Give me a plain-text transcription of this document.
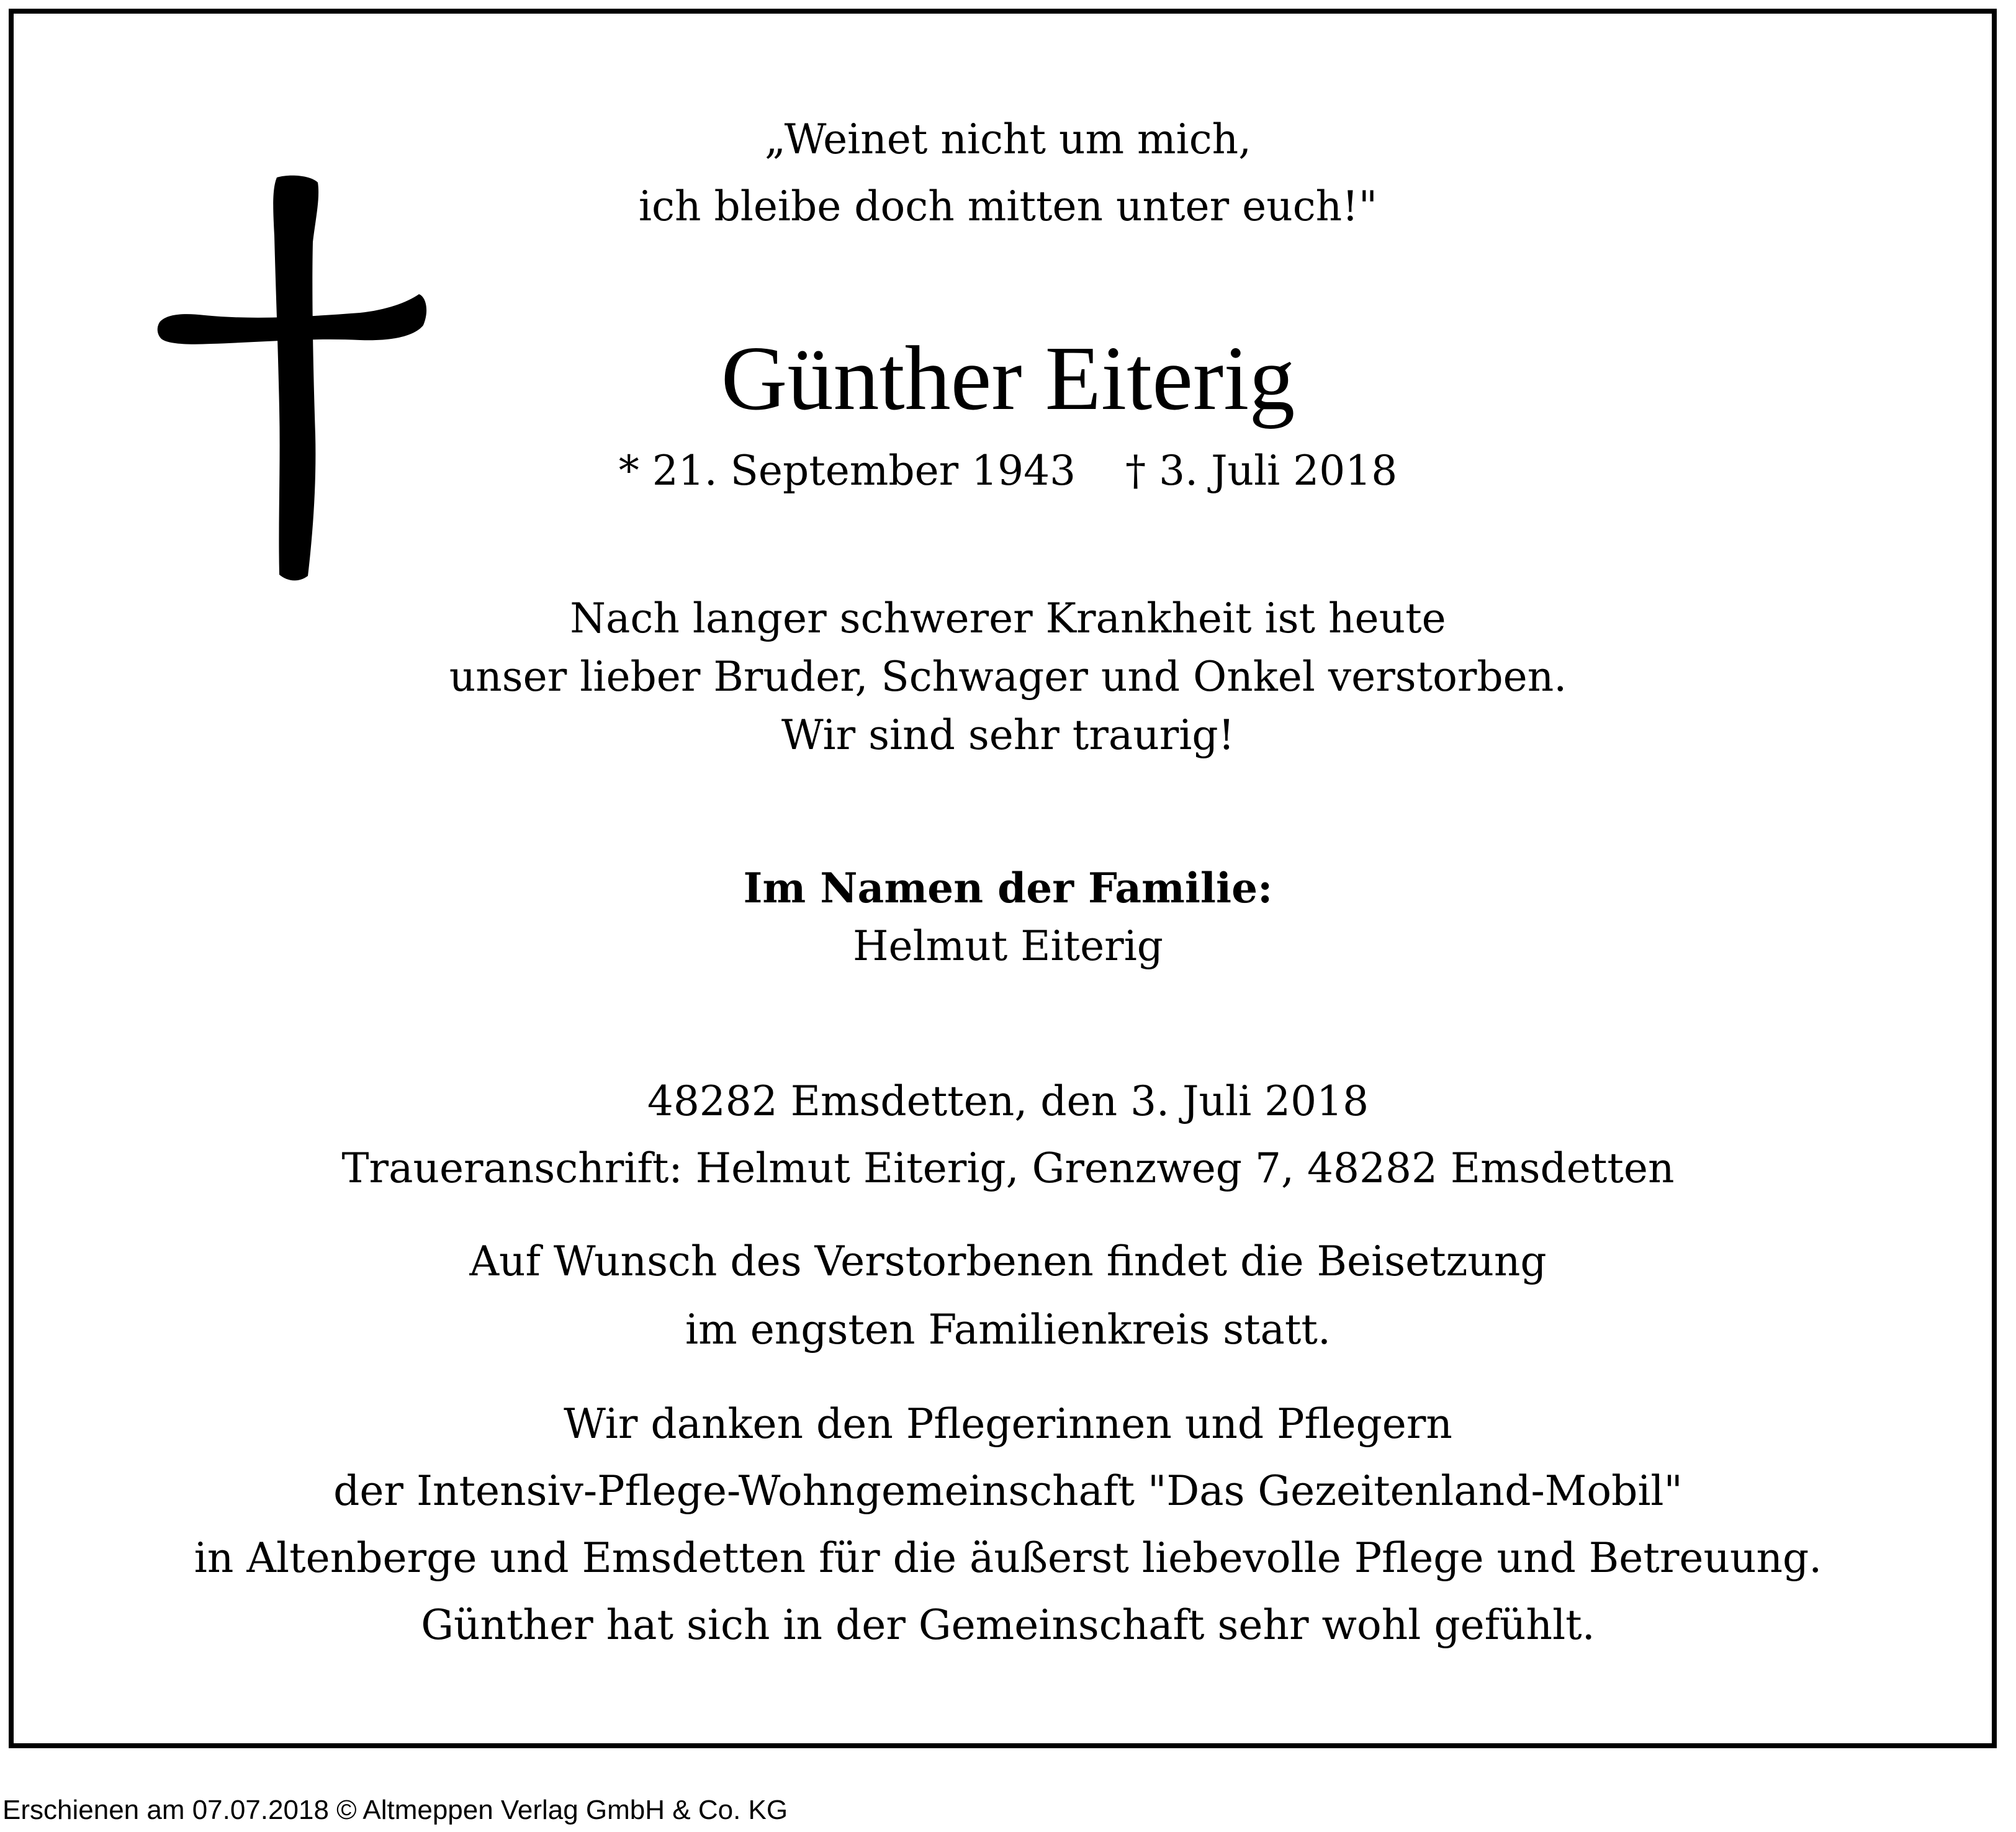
„Weinet nicht um mich,
ich bleibe doch mitten unter euch!"
Günther Eiterig
* 21. September 1943 † 3. Juli 2018
Nach langer schwerer Krankheit ist heute
unser lieber Bruder, Schwager und Onkel verstorben.
Wir sind sehr traurig!
Im Namen der Familie:
Helmut Eiterig
48282 Emsdetten, den 3. Juli 2018
Traueranschrift: Helmut Eiterig, Grenzweg 7, 48282 Emsdetten
Auf Wunsch des Verstorbenen findet die Beisetzung
im engsten Familienkreis statt.
Wir danken den Pflegerinnen und Pflegern
der Intensiv-Pflege-Wohngemeinschaft "Das Gezeitenland-Mobil"
in Altenberge und Emsdetten für die äußerst liebevolle Pflege und Betreuung.
Günther hat sich in der Gemeinschaft sehr wohl gefühlt.
Erschienen am 07.07.2018 © Altmeppen Verlag GmbH & Co. KG
